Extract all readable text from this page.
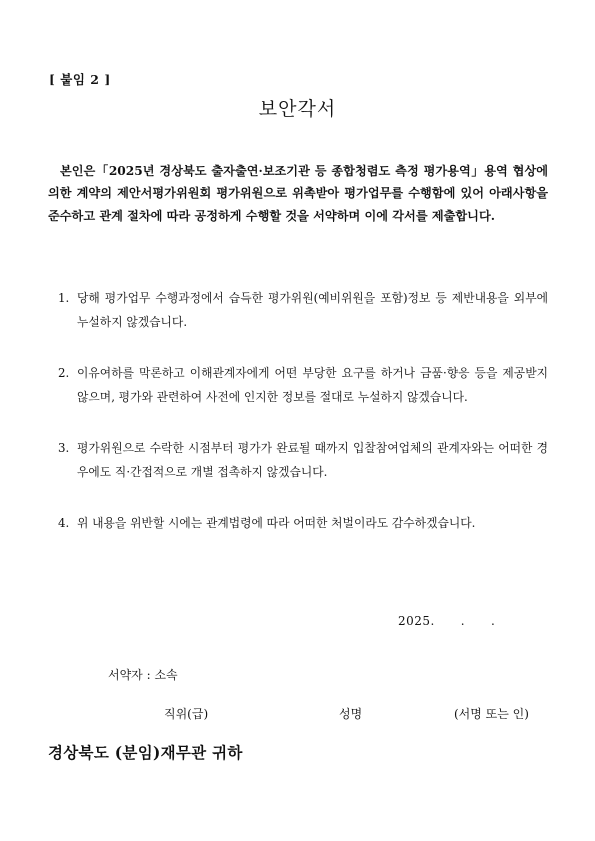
[ 붙임 2 ]
보안각서

본인은「2025년 경상북도 출자출연·보조기관 등 종합청렴도 측정 평가용역」용역 협상에 의한 계약의 제안서평가위원회 평가위원으로 위촉받아 평가업무를 수행함에 있어 아래사항을 준수하고 관계 절차에 따라 공정하게 수행할 것을 서약하며 이에 각서를 제출합니다.

1. 당해 평가업무 수행과정에서 습득한 평가위원(예비위원을 포함)정보 등 제반내용을 외부에 누설하지 않겠습니다.
2. 이유여하를 막론하고 이해관계자에게 어떤 부당한 요구를 하거나 금품·향응 등을 제공받지 않으며, 평가와 관련하여 사전에 인지한 정보를 절대로 누설하지 않겠습니다.
3. 평가위원으로 수락한 시점부터 평가가 완료될 때까지 입찰참여업체의 관계자와는 어떠한 경우에도 직·간접적으로 개별 접촉하지 않겠습니다.
4. 위 내용을 위반할 시에는 관계법령에 따라 어떠한 처벌이라도 감수하겠습니다.
2025.      .      .
서약자 : 소속
직위(급)	성명	(서명 또는 인)
경상북도 (분임)재무관 귀하
